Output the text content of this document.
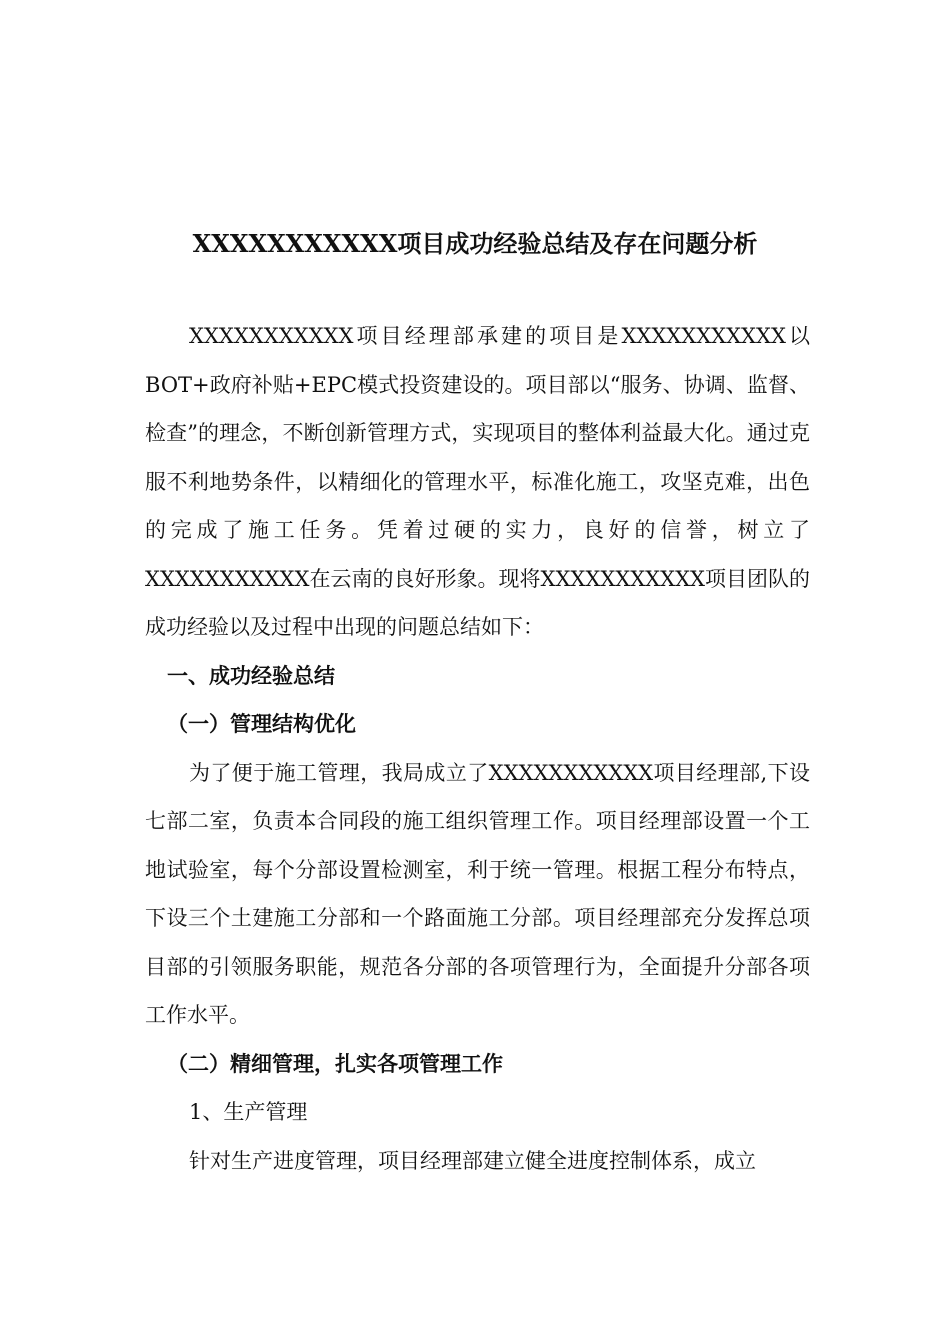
XXXXXXXXXXX项目成功经验总结及存在问题分析

XXXXXXXXXXX项目经理部承建的项目是XXXXXXXXXXX以BOT+政府补贴+EPC模式投资建设的。项目部以“服务、协调、监督、检查”的理念，不断创新管理方式，实现项目的整体利益最大化。通过克服不利地势条件，以精细化的管理水平，标准化施工，攻坚克难，出色的完成了施工任务。凭着过硬的实力，良好的信誉，树立了XXXXXXXXXXX在云南的良好形象。现将XXXXXXXXXXX项目团队的成功经验以及过程中出现的问题总结如下：

一、成功经验总结

（一）管理结构优化

为了便于施工管理，我局成立了XXXXXXXXXXX项目经理部,下设七部二室，负责本合同段的施工组织管理工作。项目经理部设置一个工地试验室，每个分部设置检测室，利于统一管理。根据工程分布特点，下设三个土建施工分部和一个路面施工分部。项目经理部充分发挥总项目部的引领服务职能，规范各分部的各项管理行为，全面提升分部各项工作水平。

（二）精细管理，扎实各项管理工作

1、生产管理

针对生产进度管理，项目经理部建立健全进度控制体系，成立
